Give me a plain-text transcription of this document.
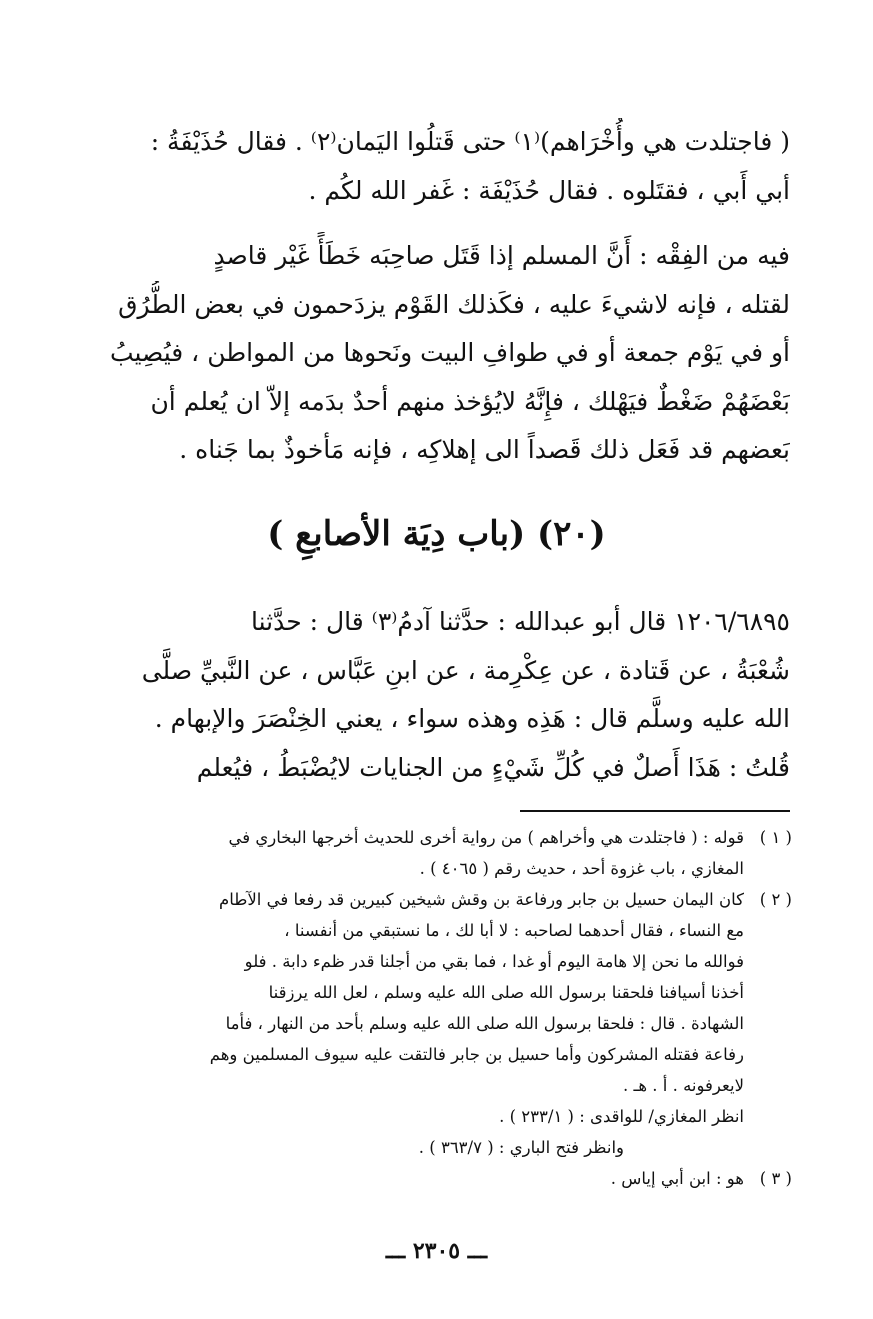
( فاجتلدت هي وأُخْرَاهم)⁽١⁾ حتى قَتلُوا اليَمان⁽٢⁾ . فقال حُذَيْفَةُ :
أبي أَبي ، فقتَلوه . فقال حُذَيْفَة : غَفر الله لكُم .
فيه من الفِقْه : أَنَّ المسلم إذا قَتَل صاحِبَه خَطَأً غَيْر قاصدٍ
لقتله ، فإنه لاشيءَ عليه ، فكَذلك القَوْم يزدَحمون في بعض الطُّرُق
أو في يَوْم جمعة أو في طوافِ البيت ونَحوها من المواطن ، فيُصِيبُ
بَعْضَهُمْ ضَغْطٌ فيَهْلك ، فإِنَّهُ لايُؤخذ منهم أحدٌ بدَمه إلاّ ان يُعلم أن
بَعضهم قد فَعَل ذلك قَصداً الى إهلاكِه ، فإنه مَأخوذٌ بما جَناه .
(٢٠) (باب دِيَة الأصابعِ )
١٢٠٦/٦٨٩٥ قال أبو عبدالله : حدَّثنا آدمُ⁽٣⁾ قال : حدَّثنا
شُعْبَةُ ، عن قَتادة ، عن عِكْرِمة ، عن ابنِ عَبَّاس ، عن النَّبيِّ صلَّى
الله عليه وسلَّم قال : هَذِه وهذه سواء ، يعني الخِنْصَرَ والإبهام .
قُلتُ : هَذَا أَصلٌ في كُلِّ شَيْءٍ من الجنايات لايُضْبَطُ ، فيُعلم
( ١ )
قوله : ( فاجتلدت هي وأخراهم ) من رواية أخرى للحديث أخرجها البخاري في
المغازي ، باب غزوة أحد ، حديث رقم ( ٤٠٦٥ ) .
( ٢ )
كان اليمان حسيل بن جابر ورفاعة بن وقش شيخين كبيرين قد رفعا في الآطام
مع النساء ، فقال أحدهما لصاحبه : لا أبا لك ، ما نستبقي من أنفسنا ،
فوالله ما نحن إلا هامة اليوم أو غدا ، فما بقي من أجلنا قدر ظمء دابة . فلو
أخذنا أسيافنا فلحقنا برسول الله صلى الله عليه وسلم ، لعل الله يرزقنا
الشهادة . قال : فلحقا برسول الله صلى الله عليه وسلم بأحد من النهار ، فأما
رفاعة فقتله المشركون وأما حسيل بن جابر فالتقت عليه سيوف المسلمين وهم
لايعرفونه . أ . هـ .
انظر المغازي/ للواقدى : ( ٢٣٣/١ ) .
وانظر فتح الباري : ( ٣٦٣/٧ ) .
( ٣ )
هو : ابن أبي إياس .
ـــ ٢٣٠٥ ـــ
